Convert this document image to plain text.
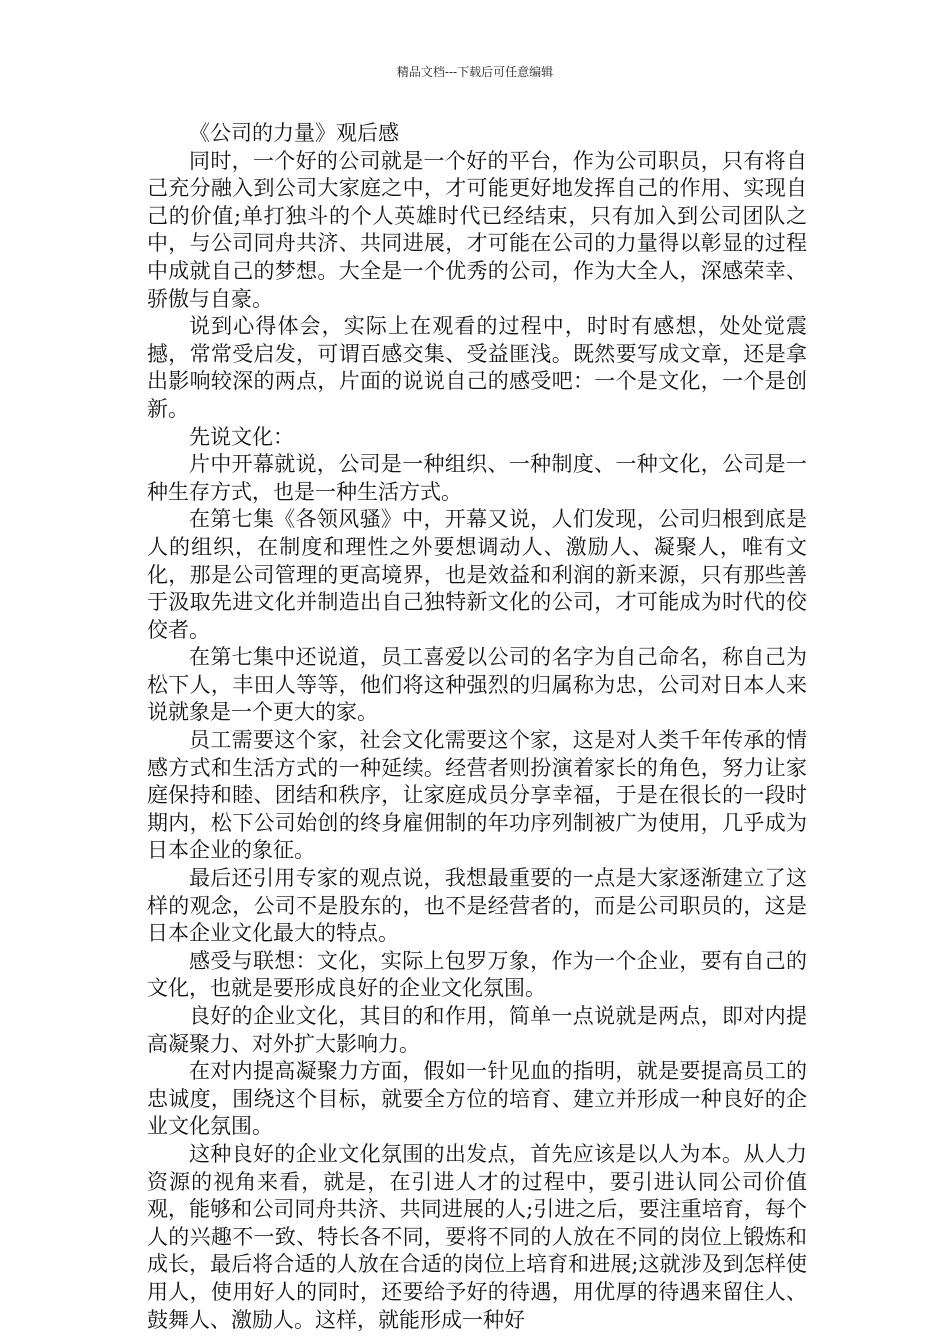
精品文档---下载后可任意编辑

《公司的力量》观后感

同时，一个好的公司就是一个好的平台，作为公司职员，只有将自己充分融入到公司大家庭之中，才可能更好地发挥自己的作用、实现自己的价值;单打独斗的个人英雄时代已经结束，只有加入到公司团队之中，与公司同舟共济、共同进展，才可能在公司的力量得以彰显的过程中成就自己的梦想。大全是一个优秀的公司，作为大全人，深感荣幸、骄傲与自豪。

说到心得体会，实际上在观看的过程中，时时有感想，处处觉震撼，常常受启发，可谓百感交集、受益匪浅。既然要写成文章，还是拿出影响较深的两点，片面的说说自己的感受吧：一个是文化，一个是创新。

先说文化：

片中开幕就说，公司是一种组织、一种制度、一种文化，公司是一种生存方式，也是一种生活方式。

在第七集《各领风骚》中，开幕又说，人们发现，公司归根到底是人的组织，在制度和理性之外要想调动人、激励人、凝聚人，唯有文化，那是公司管理的更高境界，也是效益和利润的新来源，只有那些善于汲取先进文化并制造出自己独特新文化的公司，才可能成为时代的佼佼者。

在第七集中还说道，员工喜爱以公司的名字为自己命名，称自己为松下人，丰田人等等，他们将这种强烈的归属称为忠，公司对日本人来说就象是一个更大的家。

员工需要这个家，社会文化需要这个家，这是对人类千年传承的情感方式和生活方式的一种延续。经营者则扮演着家长的角色，努力让家庭保持和睦、团结和秩序，让家庭成员分享幸福，于是在很长的一段时期内，松下公司始创的终身雇佣制的年功序列制被广为使用，几乎成为日本企业的象征。

最后还引用专家的观点说，我想最重要的一点是大家逐渐建立了这样的观念，公司不是股东的，也不是经营者的，而是公司职员的，这是日本企业文化最大的特点。

感受与联想：文化，实际上包罗万象，作为一个企业，要有自己的文化，也就是要形成良好的企业文化氛围。

良好的企业文化，其目的和作用，简单一点说就是两点，即对内提高凝聚力、对外扩大影响力。

在对内提高凝聚力方面，假如一针见血的指明，就是要提高员工的忠诚度，围绕这个目标，就要全方位的培育、建立并形成一种良好的企业文化氛围。

这种良好的企业文化氛围的出发点，首先应该是以人为本。从人力资源的视角来看，就是，在引进人才的过程中，要引进认同公司价值观，能够和公司同舟共济、共同进展的人;引进之后，要注重培育，每个人的兴趣不一致、特长各不同，要将不同的人放在不同的岗位上锻炼和成长，最后将合适的人放在合适的岗位上培育和进展;这就涉及到怎样使用人，使用好人的同时，还要给予好的待遇，用优厚的待遇来留住人、鼓舞人、激励人。这样，就能形成一种好
